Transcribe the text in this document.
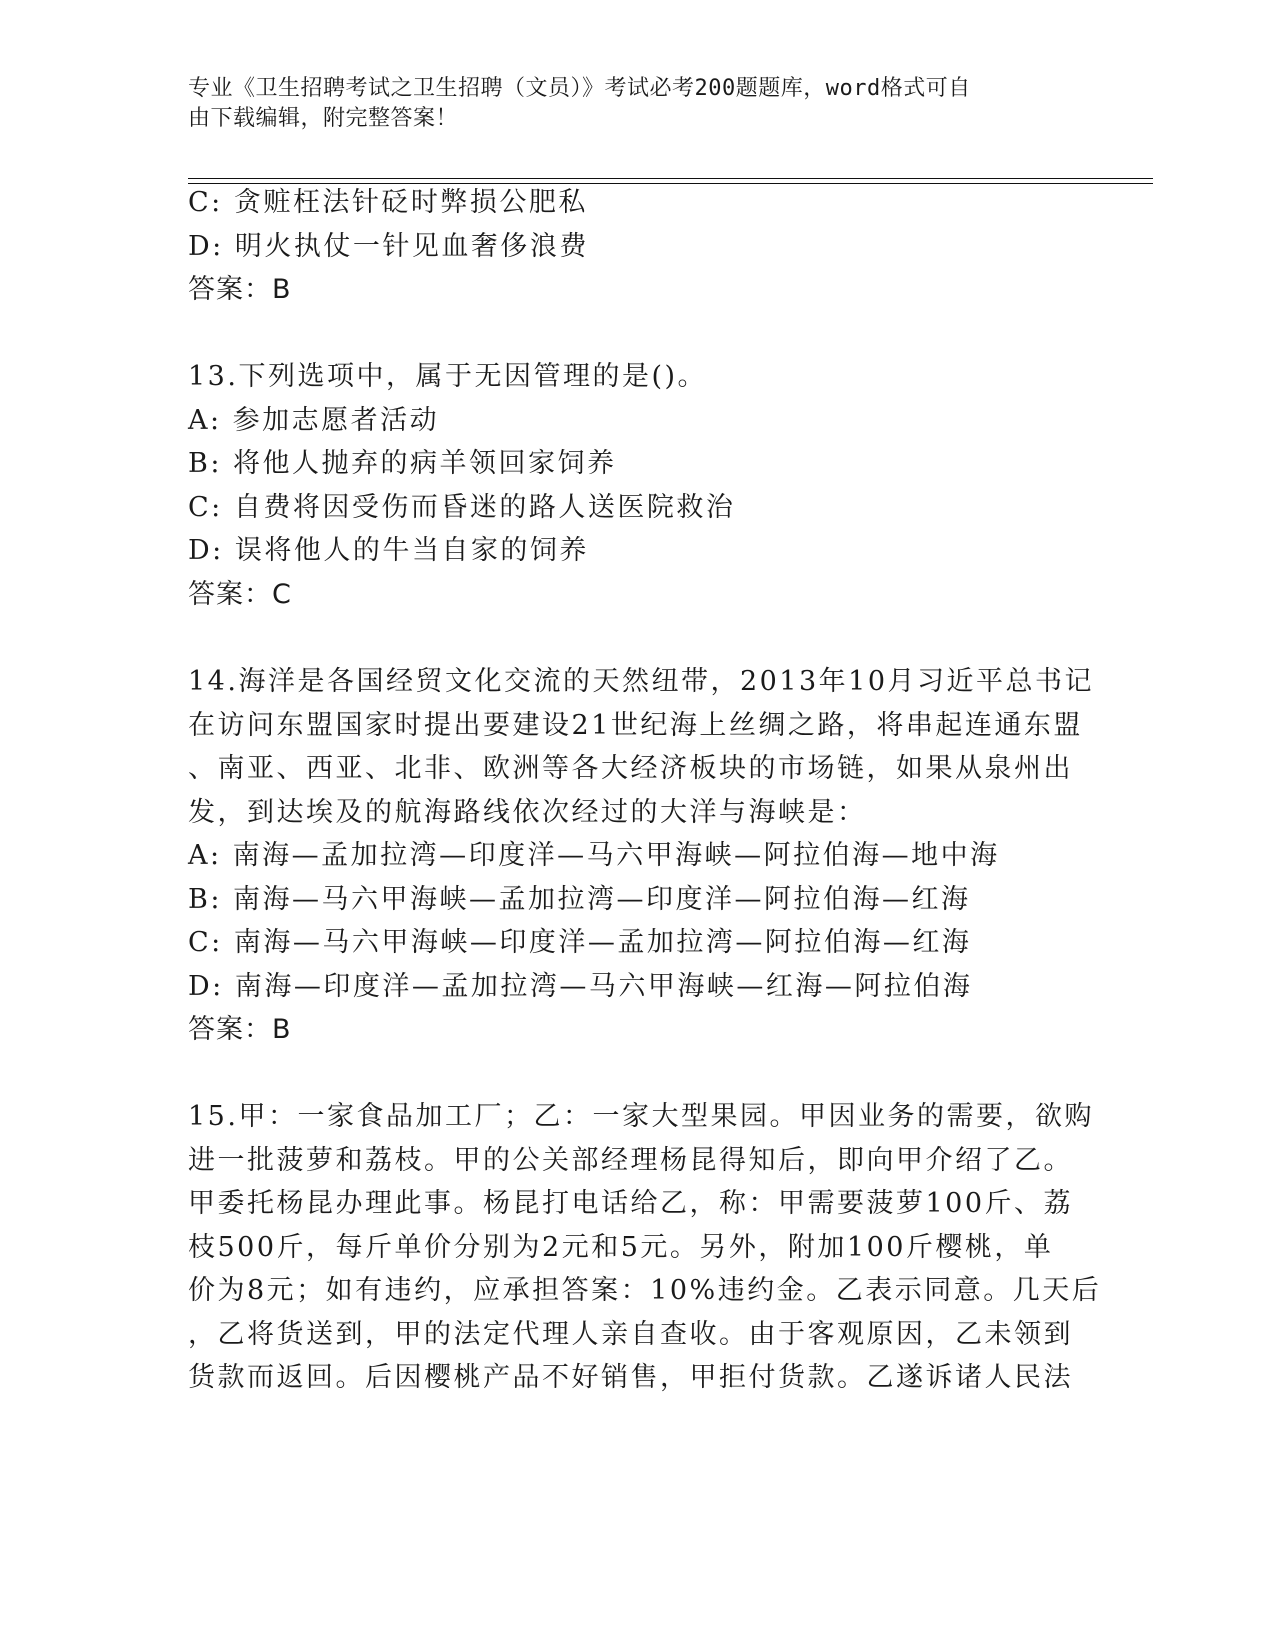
专业《卫生招聘考试之卫生招聘（文员）》考试必考200题题库，word格式可自
由下载编辑，附完整答案！
C: 贪赃枉法针砭时弊损公肥私
D: 明火执仗一针见血奢侈浪费
答案：B
13.下列选项中，属于无因管理的是()。
A: 参加志愿者活动
B: 将他人抛弃的病羊领回家饲养
C: 自费将因受伤而昏迷的路人送医院救治
D: 误将他人的牛当自家的饲养
答案：C
14.海洋是各国经贸文化交流的天然纽带，2013年10月习近平总书记
在访问东盟国家时提出要建设21世纪海上丝绸之路，将串起连通东盟
、南亚、西亚、北非、欧洲等各大经济板块的市场链，如果从泉州出
发，到达埃及的航海路线依次经过的大洋与海峡是：
A: 南海—孟加拉湾—印度洋—马六甲海峡—阿拉伯海—地中海
B: 南海—马六甲海峡—孟加拉湾—印度洋—阿拉伯海—红海
C: 南海—马六甲海峡—印度洋—孟加拉湾—阿拉伯海—红海
D: 南海—印度洋—孟加拉湾—马六甲海峡—红海—阿拉伯海
答案：B
15.甲：一家食品加工厂；乙：一家大型果园。甲因业务的需要，欲购
进一批菠萝和荔枝。甲的公关部经理杨昆得知后，即向甲介绍了乙。
甲委托杨昆办理此事。杨昆打电话给乙，称：甲需要菠萝100斤、荔
枝500斤，每斤单价分别为2元和5元。另外，附加100斤樱桃，单
价为8元；如有违约，应承担答案：10%违约金。乙表示同意。几天后
，乙将货送到，甲的法定代理人亲自查收。由于客观原因，乙未领到
货款而返回。后因樱桃产品不好销售，甲拒付货款。乙遂诉诸人民法
